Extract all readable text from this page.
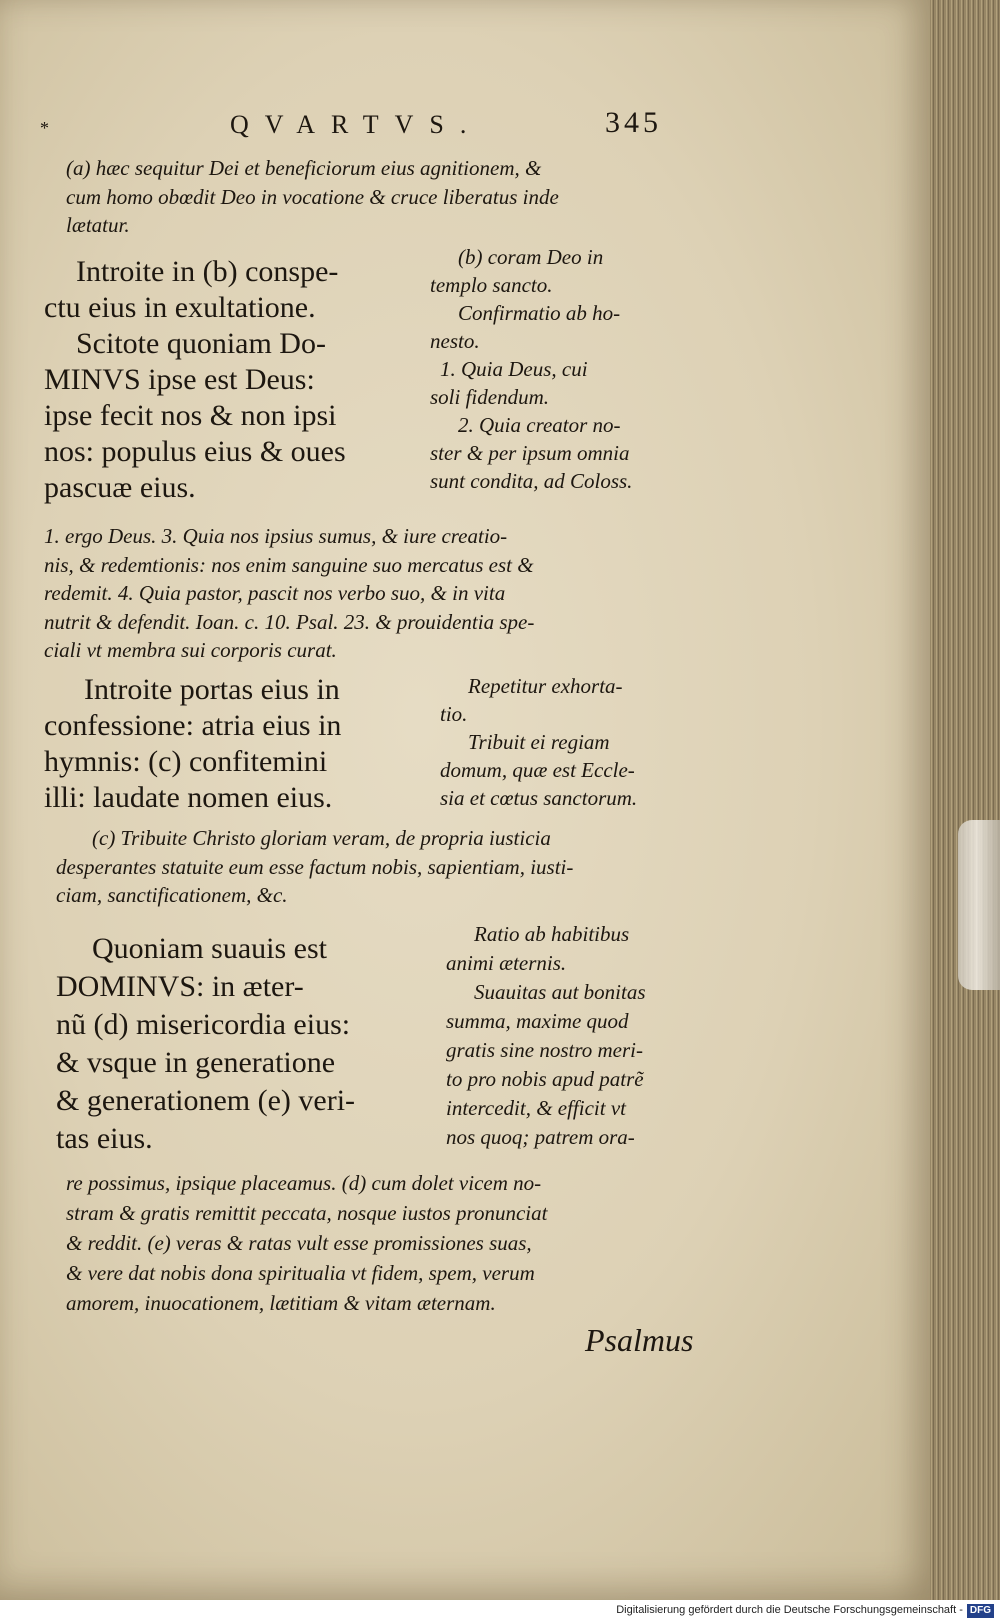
*	QVARTVS.	345

(a) hæc sequitur Dei et beneficiorum eius agnitionem, &

cum homo obœdit Deo in vocatione & cruce liberatus inde

lætatur.

Introite in (b) conspe-

ctu eius in exultatione.

Scitote quoniam Do-

MINVS ipse est Deus:

ipse fecit nos & non ipsi

nos: populus eius & oues

pascuæ eius.

(b) coram Deo in

templo sancto.

Confirmatio ab ho-

nesto.

1. Quia Deus, cui

soli fidendum.

2. Quia creator no-

ster & per ipsum omnia

sunt condita, ad Coloss.

1. ergo Deus. 3. Quia nos ipsius sumus, & iure creatio-

nis, & redemtionis: nos enim sanguine suo mercatus est &

redemit. 4. Quia pastor, pascit nos verbo suo, & in vita

nutrit & defendit. Ioan. c. 10. Psal. 23. & prouidentia spe-

ciali vt membra sui corporis curat.

Introite portas eius in

confessione: atria eius in

hymnis: (c) confitemini

illi: laudate nomen eius.

Repetitur exhorta-

tio.

Tribuit ei regiam

domum, quæ est Eccle-

sia et cœtus sanctorum.

(c) Tribuite Christo gloriam veram, de propria iusticia

desperantes statuite eum esse factum nobis, sapientiam, iusti-

ciam, sanctificationem, &c.

Quoniam suauis est

DOMINVS: in æter-

nũ (d) misericordia eius:

& vsque in generatione

& generationem (e) veri-

tas eius.

Ratio ab habitibus

animi æternis.

Suauitas aut bonitas

summa, maxime quod

gratis sine nostro meri-

to pro nobis apud patrẽ

intercedit, & efficit vt

nos quoq; patrem ora-

re possimus, ipsique placeamus. (d) cum dolet vicem no-

stram & gratis remittit peccata, nosque iustos pronunciat

& reddit. (e) veras & ratas vult esse promissiones suas,

& vere dat nobis dona spiritualia vt fidem, spem, verum

amorem, inuocationem, lætitiam & vitam æternam.

Psalmus
Digitalisierung gefördert durch die Deutsche Forschungsgemeinschaft - DFG
